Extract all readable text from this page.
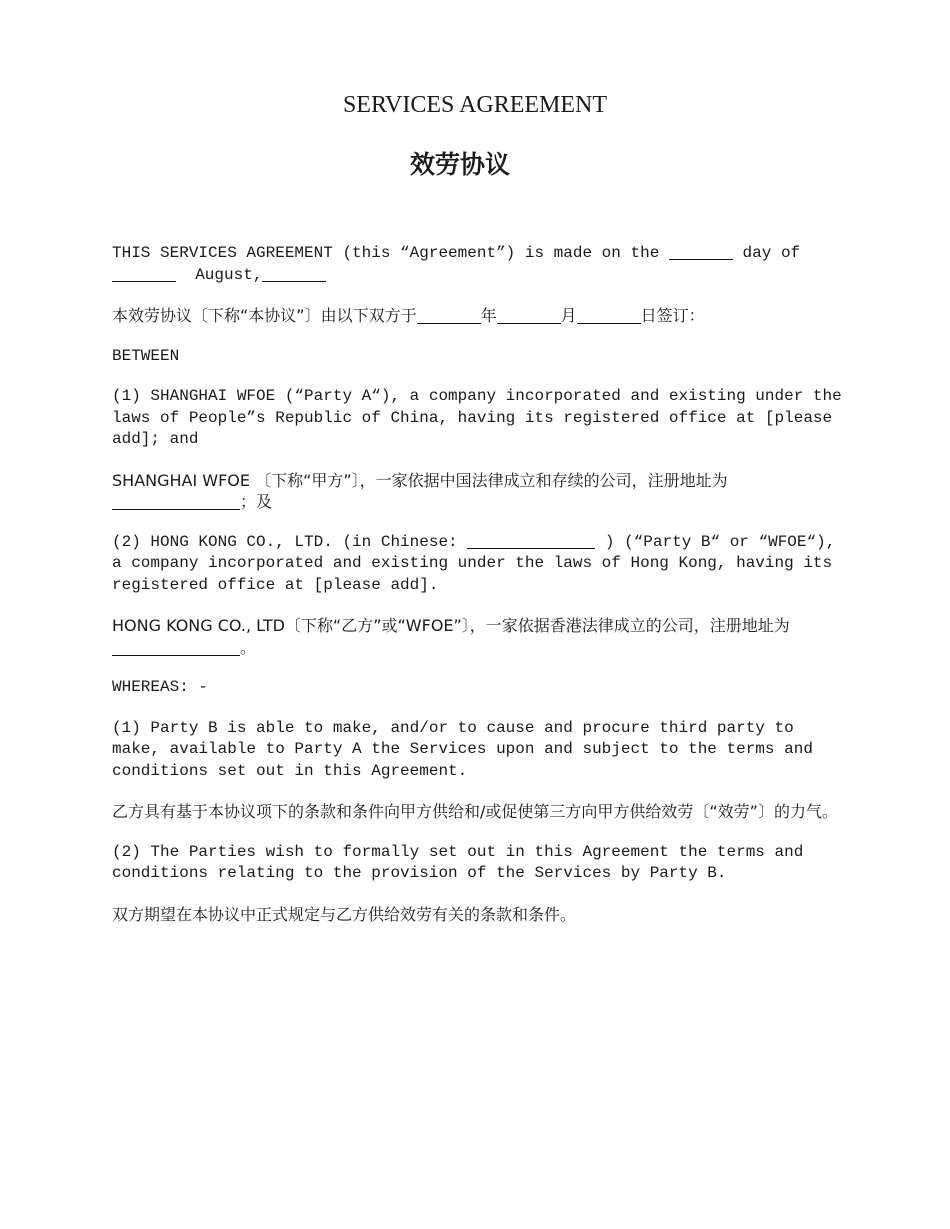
SERVICES AGREEMENT
效劳协议

THIS SERVICES AGREEMENT (this “Agreement”) is made on the	day of   August,

本效劳协议〔下称“本协议”〕由以下双方于	年	月	日签订：

BETWEEN

(1) SHANGHAI WFOE (“Party A“), a company incorporated and existing under the laws of People”s Republic of China, having its registered office at [please add]; and

SHANGHAI WFOE 〔下称“甲方”〕，一家依据中国法律成立和存续的公司，注册地址为；及

(2) HONG KONG CO., LTD. (in Chinese:	) (“Party B“ or “WFOE“), a company incorporated and existing under the laws of Hong Kong, having its registered office at [please add].

HONG KONG CO., LTD〔下称“乙方”或“WFOE”〕，一家依据香港法律成立的公司，注册地址为。

WHEREAS: -

(1) Party B is able to make, and/or to cause and procure third party to make, available to Party A the Services upon and subject to the terms and conditions set out in this Agreement.

乙方具有基于本协议项下的条款和条件向甲方供给和/或促使第三方向甲方供给效劳〔“效劳”〕的力气。

(2) The Parties wish to formally set out in this Agreement the terms and conditions relating to the provision of the Services by Party B.

双方期望在本协议中正式规定与乙方供给效劳有关的条款和条件。
